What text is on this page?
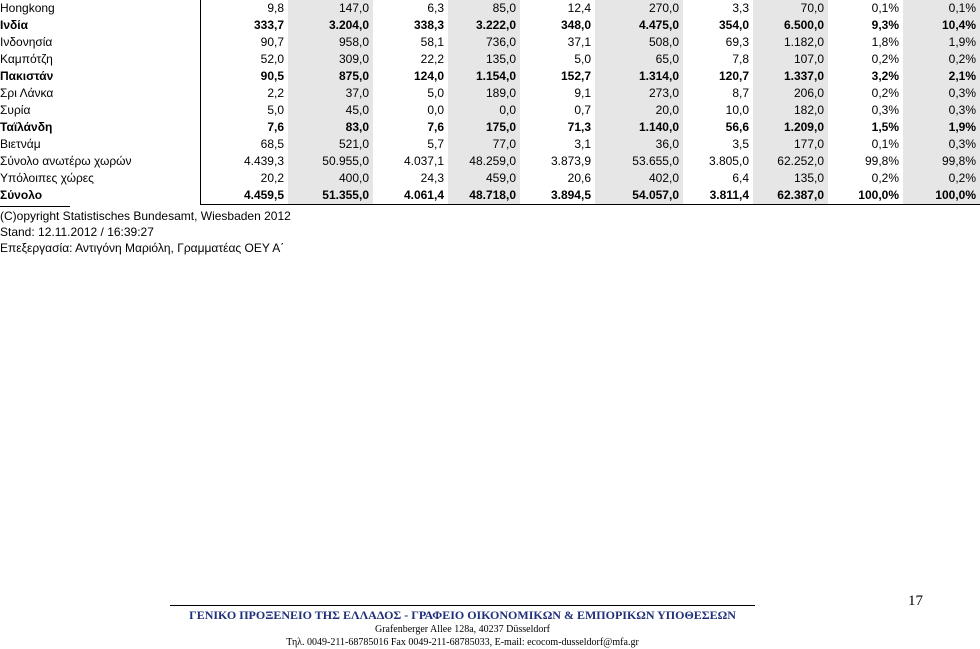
Hongkong	9,8	147,0	6,3	85,0	12,4	270,0	3,3	70,0	0,1%	0,1%
Ινδία	333,7	3.204,0	338,3	3.222,0	348,0	4.475,0	354,0	6.500,0	9,3%	10,4%
Ινδονησία	90,7	958,0	58,1	736,0	37,1	508,0	69,3	1.182,0	1,8%	1,9%
Καμπότζη	52,0	309,0	22,2	135,0	5,0	65,0	7,8	107,0	0,2%	0,2%
Πακιστάν	90,5	875,0	124,0	1.154,0	152,7	1.314,0	120,7	1.337,0	3,2%	2,1%
Σρι Λάνκα	2,2	37,0	5,0	189,0	9,1	273,0	8,7	206,0	0,2%	0,3%
Συρία	5,0	45,0	0,0	0,0	0,7	20,0	10,0	182,0	0,3%	0,3%
Ταϊλάνδη	7,6	83,0	7,6	175,0	71,3	1.140,0	56,6	1.209,0	1,5%	1,9%
Βιετνάμ	68,5	521,0	5,7	77,0	3,1	36,0	3,5	177,0	0,1%	0,3%
Σύνολο ανωτέρω χωρών	4.439,3	50.955,0	4.037,1	48.259,0	3.873,9	53.655,0	3.805,0	62.252,0	99,8%	99,8%
Υπόλοιπες χώρες	20,2	400,0	24,3	459,0	20,6	402,0	6,4	135,0	0,2%	0,2%
Σύνολο	4.459,5	51.355,0	4.061,4	48.718,0	3.894,5	54.057,0	3.811,4	62.387,0	100,0%	100,0%
(C)opyright Statistisches Bundesamt, Wiesbaden 2012
Stand: 12.11.2012 / 16:39:27
Επεξεργασία: Αντιγόνη Μαριόλη, Γραμματέας ΟΕΥ Α΄
17
ΓΕΝΙΚΟ ΠΡΟΞΕΝΕΙΟ ΤΗΣ ΕΛΛΑΔΟΣ - ΓΡΑΦΕΙΟ ΟΙΚΟΝΟΜΙΚΩΝ & ΕΜΠΟΡΙΚΩΝ ΥΠΟΘΕΣΕΩΝ
Grafenberger Allee 128a, 40237 Düsseldorf
Τηλ. 0049-211-68785016 Fax 0049-211-68785033, E-mail: ecocom-dusseldorf@mfa.gr
